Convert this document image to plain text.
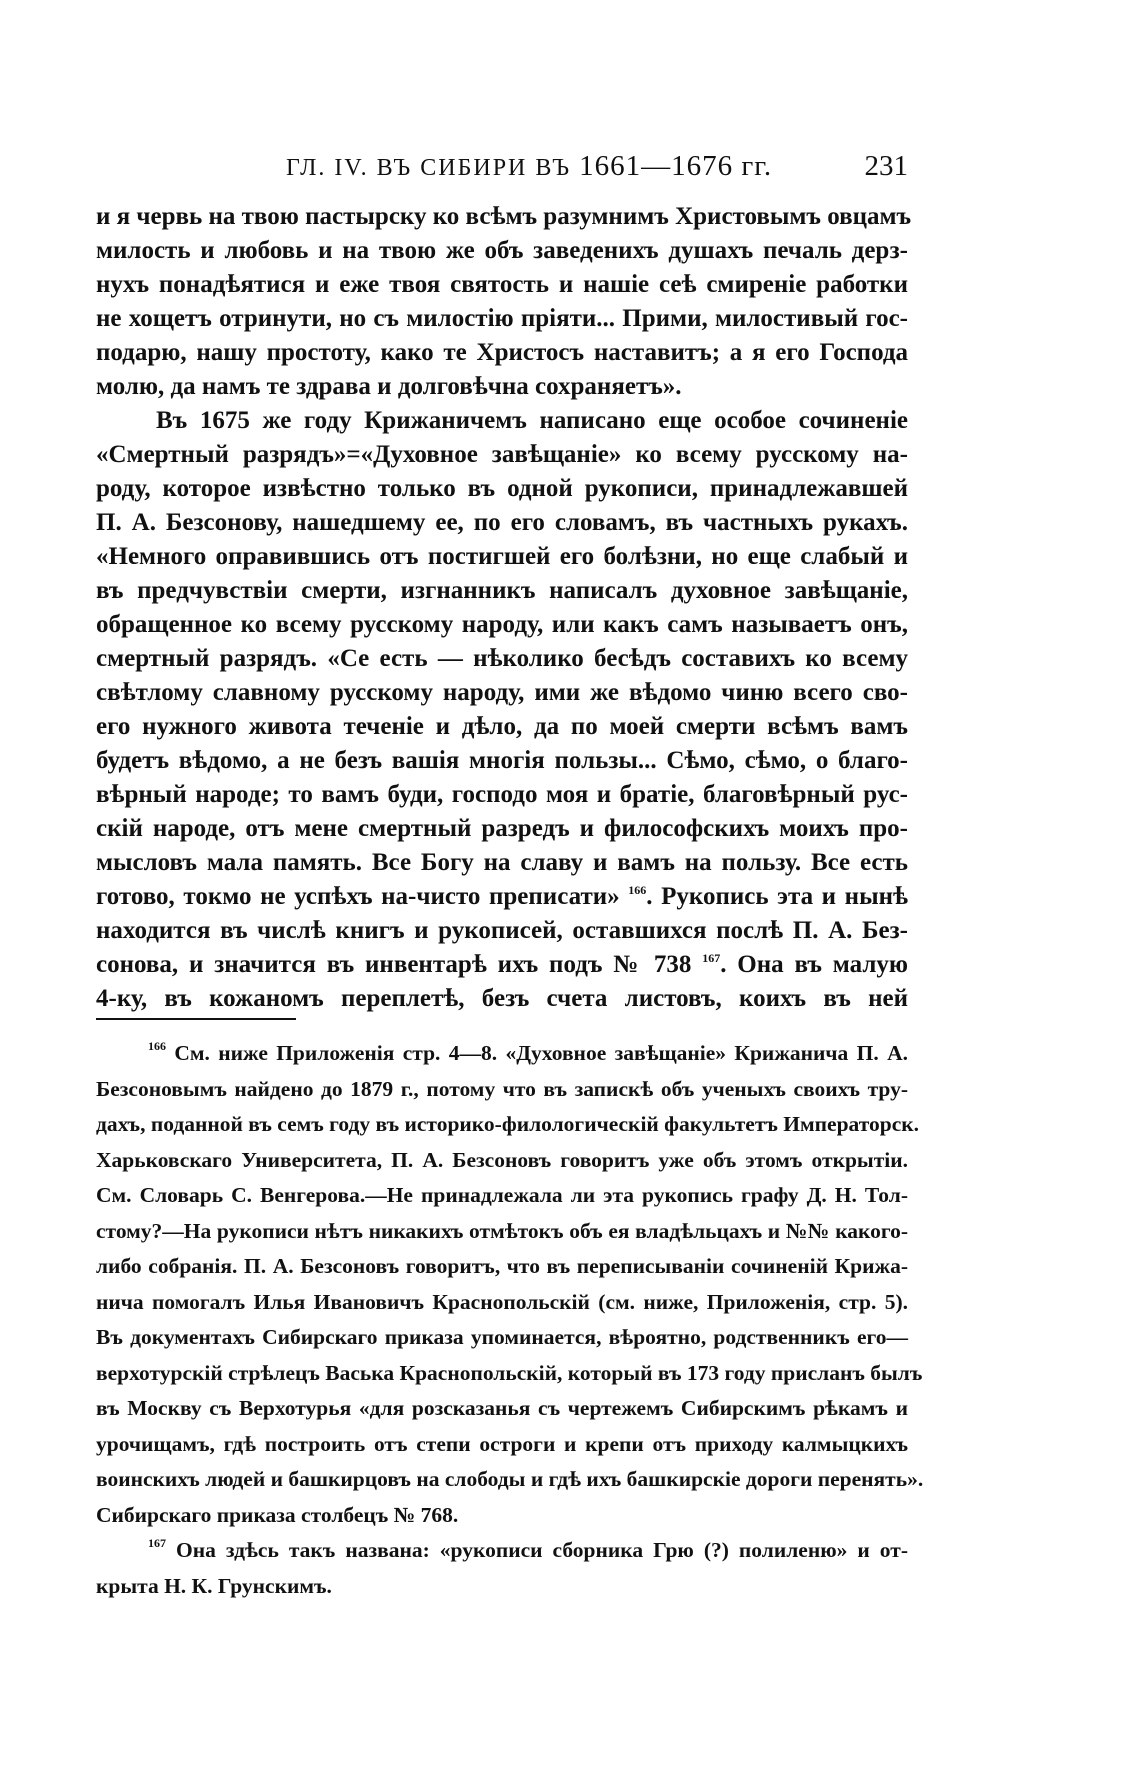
ГЛ. IV. ВЪ СИБИРИ ВЪ 1661—1676 гг.	231
и я червь на твою пастырску ко всѣмъ разумнимъ Христовымъ овцамъ
милость и любовь и на твою же объ заведенихъ душахъ печаль дерз-
нухъ понадѣятися и еже твоя святость и нашіе сеѣ смиреніе работки
не хощетъ отринути, но съ милостію пріяти... Прими, милостивый гос-
подарю, нашу простоту, како те Христосъ наставитъ; а я его Господа
молю, да намъ те здрава и долговѣчна сохраняетъ».
Въ 1675 же году Крижаничемъ написано еще особое сочиненіе
«Смертный разрядъ»=«Духовное завѣщаніе» ко всему русскому на-
роду, которое извѣстно только въ одной рукописи, принадлежавшей
П. А. Безсонову, нашедшему ее, по его словамъ, въ частныхъ рукахъ.
«Немного оправившись отъ постигшей его болѣзни, но еще слабый и
въ предчувствіи смерти, изгнанникъ написалъ духовное завѣщаніе,
обращенное ко всему русскому народу, или какъ самъ называетъ онъ,
смертный разрядъ. «Се есть — нѣколико бесѣдъ составихъ ко всему
свѣтлому славному русскому народу, ими же вѣдомо чиню всего сво-
его нужного живота теченіе и дѣло, да по моей смерти всѣмъ вамъ
будетъ вѣдомо, а не безъ вашія многія пользы... Сѣмо, сѣмо, о благо-
вѣрный народе; то вамъ буди, господо моя и братіе, благовѣрный рус-
скій народе, отъ мене смертный разредъ и философскихъ моихъ про-
мысловъ мала память. Все Богу на славу и вамъ на пользу. Все есть
готово, токмо не успѣхъ на-чисто преписати» $^{166}$. Рукопись эта и нынѣ
находится въ числѣ книгъ и рукописей, оставшихся послѣ П. А. Без-
сонова, и значится въ инвентарѣ ихъ подъ № 738 $^{167}$. Она въ малую
4-ку, въ кожаномъ переплетѣ, безъ счета листовъ, коихъ въ ней
$^{166}$ См. ниже Приложенія стр. 4—8. «Духовное завѣщаніе» Крижанича П. А.
Безсоновымъ найдено до 1879 г., потому что въ запискѣ объ ученыхъ своихъ тру-
дахъ, поданной въ семъ году въ историко-филологическій факультетъ Императорск.
Харьковскаго Университета, П. А. Безсоновъ говоритъ уже объ этомъ открытіи.
См. Словарь С. Венгерова.—Не принадлежала ли эта рукопись графу Д. Н. Тол-
стому?—На рукописи нѣтъ никакихъ отмѣтокъ объ ея владѣльцахъ и №№ какого-
либо собранія. П. А. Безсоновъ говоритъ, что въ переписываніи сочиненій Крижа-
нича помогалъ Илья Ивановичъ Краснопольскій (см. ниже, Приложенія, стр. 5).
Въ документахъ Сибирскаго приказа упоминается, вѣроятно, родственникъ его—
верхотурскій стрѣлецъ Васька Краснопольскій, который въ 173 году присланъ былъ
въ Москву съ Верхотурья «для розсказанья съ чертежемъ Сибирскимъ рѣкамъ и
урочищамъ, гдѣ построить отъ степи остроги и крепи отъ приходу калмыцкихъ
воинскихъ людей и башкирцовъ на слободы и гдѣ ихъ башкирскіе дороги перенять».
Сибирскаго приказа столбецъ № 768.
$^{167}$ Она здѣсь такъ названа: «рукописи сборника Грю (?) полиленю» и от-
крыта Н. К. Грунскимъ.
